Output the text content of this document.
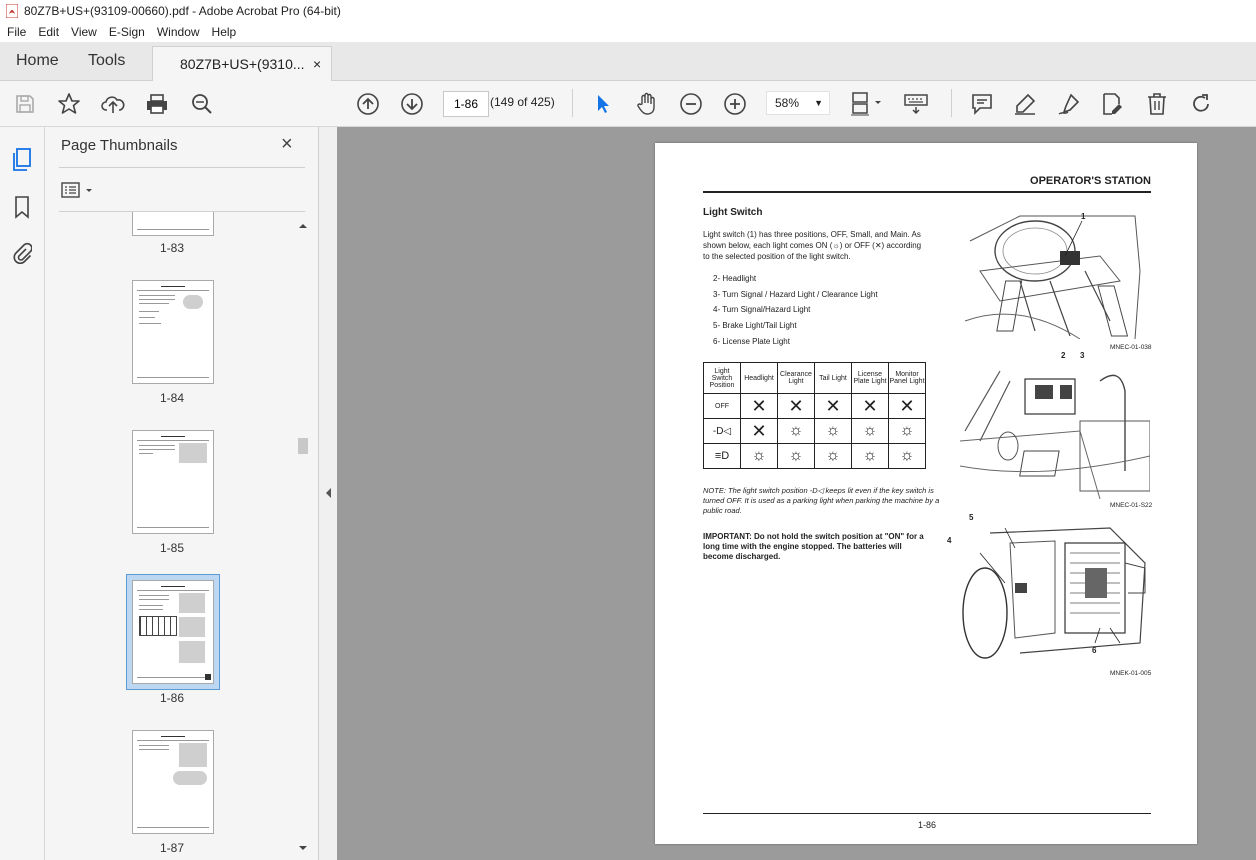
80Z7B+US+(93109-00660).pdf - Adobe Acrobat Pro (64-bit)
File Edit View E-Sign Window Help
Home Tools	80Z7B+US+(9310... ×
1-86
(149 of 425)	58% ▼
Page Thumbnails	×
1-83
1-84
1-85
1-86
1-87
OPERATOR'S STATION
Light Switch
Light switch (1) has three positions, OFF, Small, and Main. As shown below, each light comes ON (☼) or OFF (✕) according to the selected position of the light switch.
2- Headlight
3- Turn Signal / Hazard Light / Clearance Light
4- Turn Signal/Hazard Light
5- Brake Light/Tail Light
6- License Plate Light
Light Switch Position	Headlight	Clearance Light	Tail Light	License Plate Light	Monitor Panel Light
OFF	✕	✕	✕	✕	✕
-D◁	✕	☼	☼	☼	☼
≡D	☼	☼	☼	☼	☼
NOTE: The light switch position -D◁ keeps lit even if the key switch is turned OFF. It is used as a parking light when parking the machine by a public road.
IMPORTANT: Do not hold the switch position at "ON" for a long time with the engine stopped. The batteries will become discharged.
1
MNEC-01-038
2 3
MNEC-01-S22
5
4
6
MNEK-01-005
1-86
